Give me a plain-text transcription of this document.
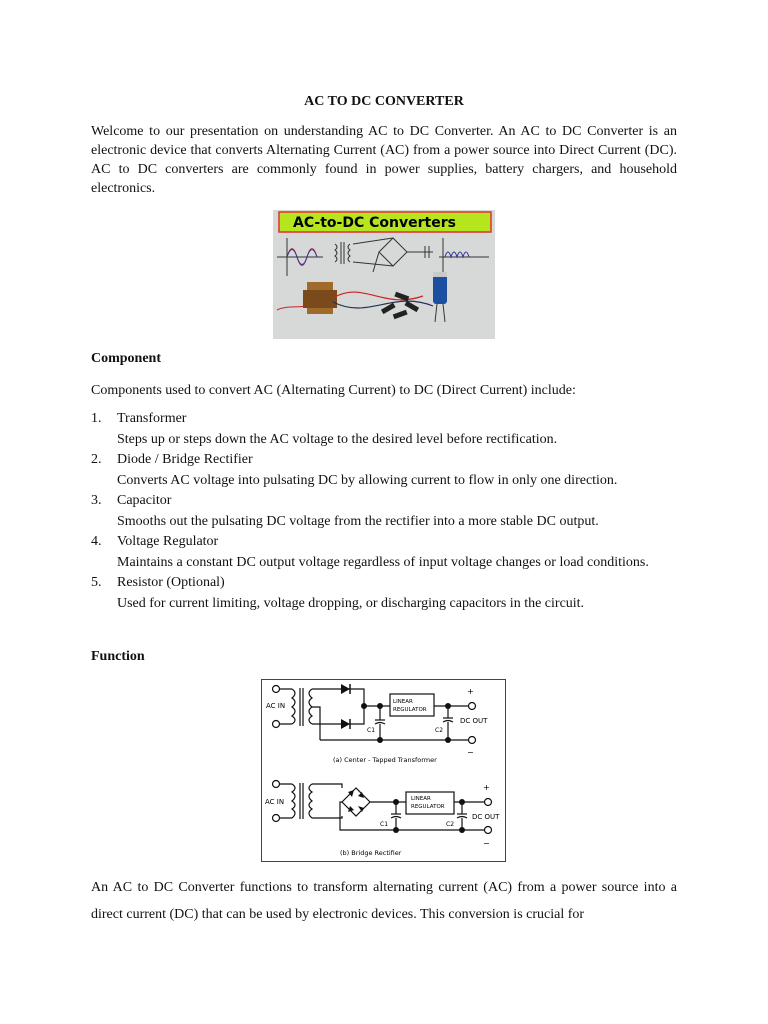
AC TO DC CONVERTER
Welcome to our presentation on understanding AC to DC Converter. An AC to DC Converter is an electronic device that converts Alternating Current (AC) from a power source into Direct Current (DC). AC to DC converters are commonly found in power supplies, battery chargers, and household electronics.
AC-to-DC Converters
Component
Components used to convert AC (Alternating Current) to DC (Direct Current) include:
1. Transformer
Steps up or steps down the AC voltage to the desired level before rectification.
2. Diode / Bridge Rectifier
Converts AC voltage into pulsating DC by allowing current to flow in only one direction.
3. Capacitor
Smooths out the pulsating DC voltage from the rectifier into a more stable DC output.
4. Voltage Regulator
Maintains a constant DC output voltage regardless of input voltage changes or load conditions.
5. Resistor (Optional)
Used for current limiting, voltage dropping, or discharging capacitors in the circuit.
Function
AC IN	LINEAR
REGULATOR
DC OUT
+
−
C1	C2
(a) Center - Tapped Transformer
AC IN	LINEAR
REGULATOR
DC OUT
+
−
C1	C2
(b) Bridge Rectifier
An AC to DC Converter functions to transform alternating current (AC) from a power source into a direct current (DC) that can be used by electronic devices. This conversion is crucial for
